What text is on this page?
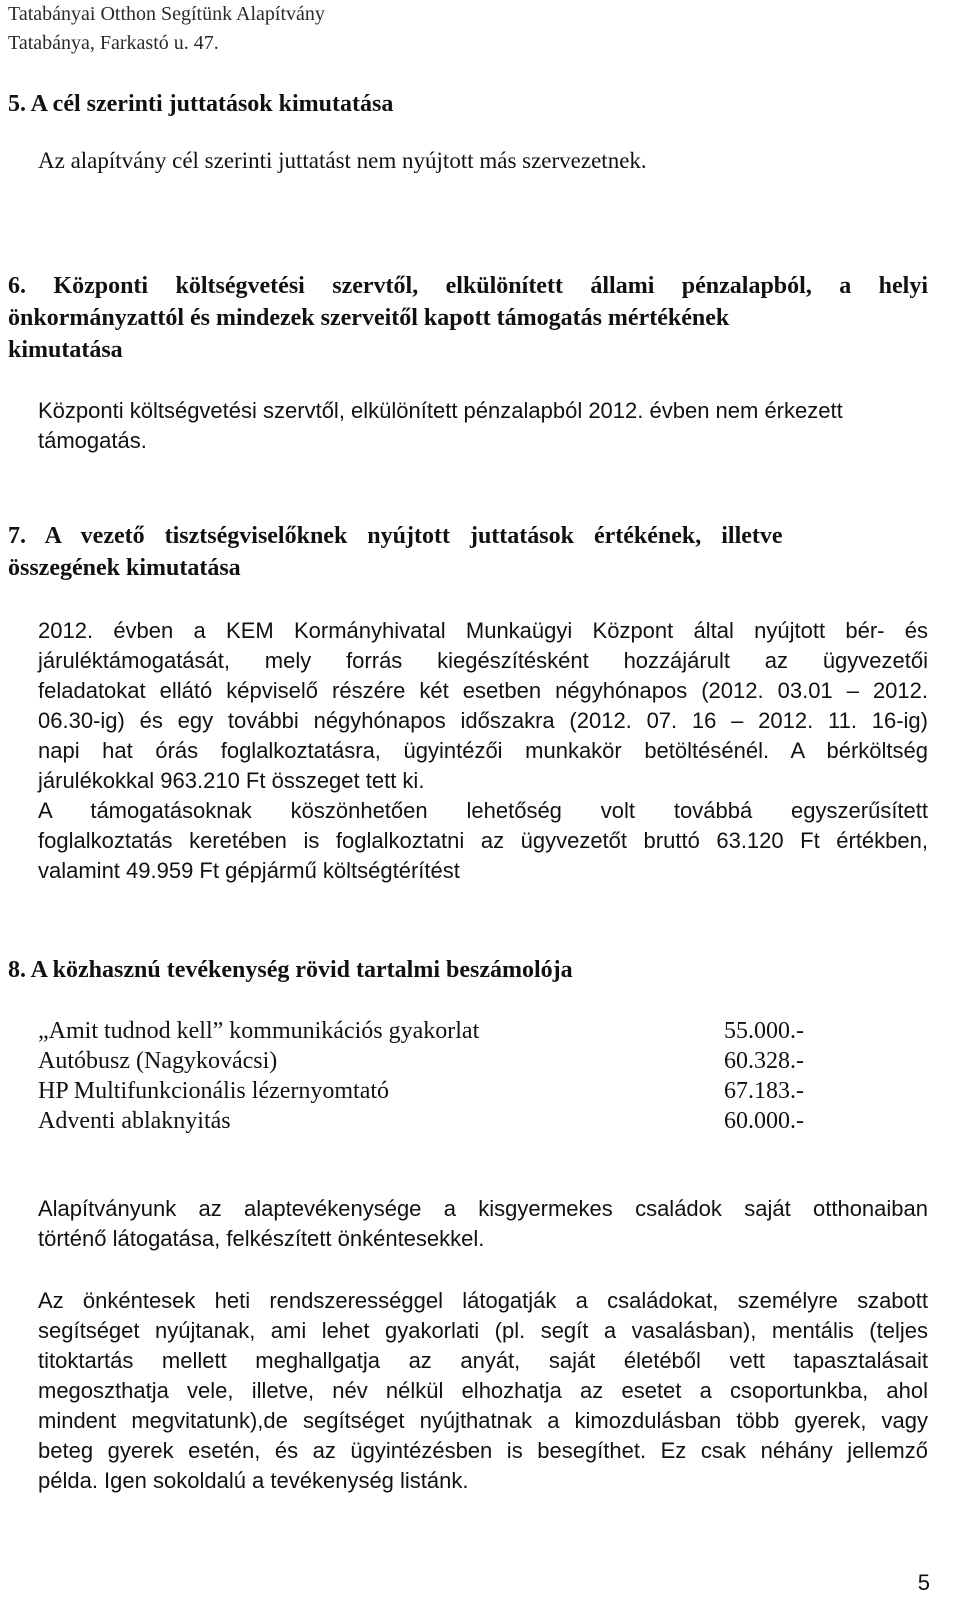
Tatabányai Otthon Segítünk Alapítvány
Tatabánya, Farkastó u. 47.
5. A cél szerinti juttatások kimutatása
Az alapítvány cél szerinti juttatást nem nyújtott más szervezetnek.
6. Központi költségvetési szervtől, elkülönített állami pénzalapból, a helyi
önkormányzattól és mindezek szerveitől kapott támogatás mértékének
kimutatása
Központi költségvetési szervtől, elkülönített pénzalapból 2012. évben nem érkezett
támogatás.
7. A vezető tisztségviselőknek nyújtott juttatások értékének, illetve
összegének kimutatása
2012. évben a KEM Kormányhivatal Munkaügyi Központ által nyújtott bér- és
járuléktámogatását, mely forrás kiegészítésként hozzájárult az ügyvezetői
feladatokat ellátó képviselő részére két esetben négyhónapos (2012. 03.01 – 2012.
06.30-ig) és egy további négyhónapos időszakra (2012. 07. 16 – 2012. 11. 16-ig)
napi hat órás foglalkoztatásra, ügyintézői munkakör betöltésénél. A bérköltség
járulékokkal 963.210 Ft összeget tett ki.
A támogatásoknak köszönhetően lehetőség volt továbbá egyszerűsített
foglalkoztatás keretében is foglalkoztatni az ügyvezetőt bruttó 63.120 Ft értékben,
valamint 49.959 Ft gépjármű költségtérítést
8. A közhasznú tevékenység rövid tartalmi beszámolója
„Amit tudnod kell” kommunikációs gyakorlat	55.000.-
Autóbusz (Nagykovácsi)	60.328.-
HP Multifunkcionális lézernyomtató	67.183.-
Adventi ablaknyitás	60.000.-
Alapítványunk az alaptevékenysége a kisgyermekes családok saját otthonaiban
történő látogatása, felkészített önkéntesekkel.
Az önkéntesek heti rendszerességgel látogatják a családokat, személyre szabott
segítséget nyújtanak, ami lehet gyakorlati (pl. segít a vasalásban), mentális (teljes
titoktartás mellett meghallgatja az anyát, saját életéből vett tapasztalásait
megoszthatja vele, illetve, név nélkül elhozhatja az esetet a csoportunkba, ahol
mindent megvitatunk),de segítséget nyújthatnak a kimozdulásban több gyerek, vagy
beteg gyerek esetén, és az ügyintézésben is besegíthet. Ez csak néhány jellemző
példa. Igen sokoldalú a tevékenység listánk.
5
